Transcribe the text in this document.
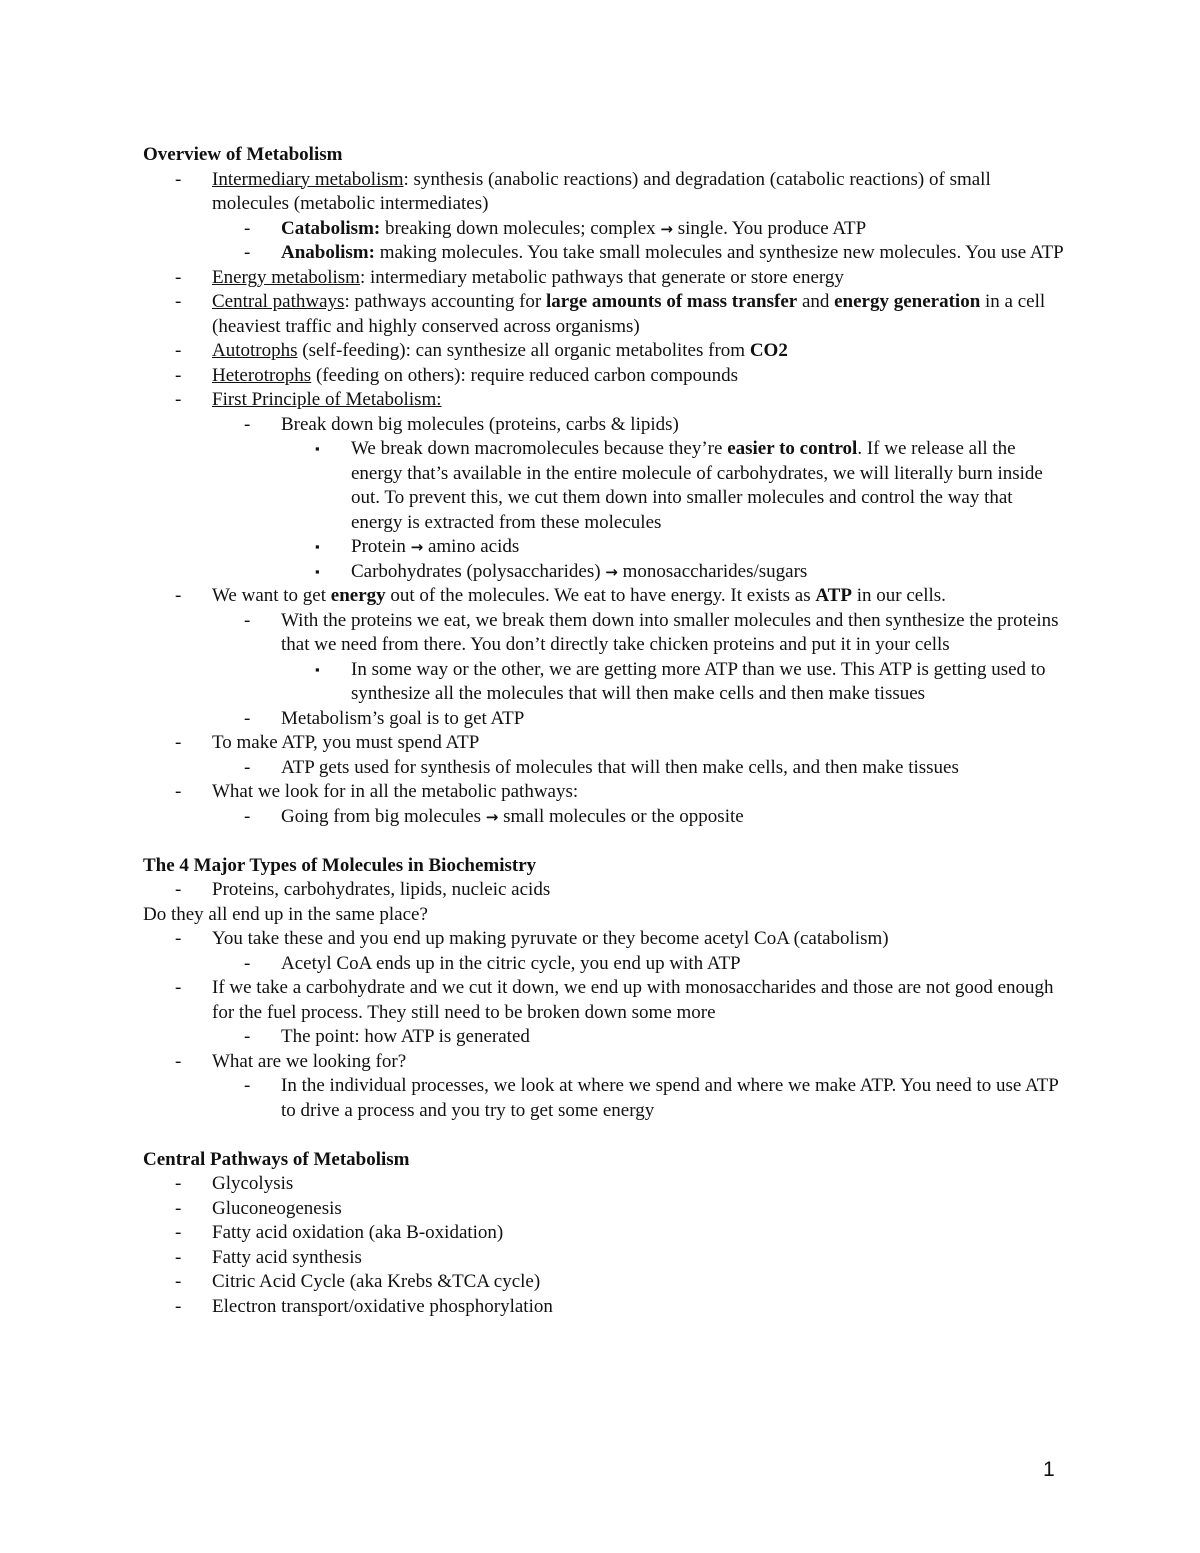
Overview of Metabolism

- Intermediary metabolism: synthesis (anabolic reactions) and degradation (catabolic reactions) of small molecules (metabolic intermediates)
- Catabolism: breaking down molecules; complex → single. You produce ATP
- Anabolism: making molecules. You take small molecules and synthesize new molecules. You use ATP
- Energy metabolism: intermediary metabolic pathways that generate or store energy
- Central pathways: pathways accounting for large amounts of mass transfer and energy generation in a cell (heaviest traffic and highly conserved across organisms)
- Autotrophs (self-feeding): can synthesize all organic metabolites from CO2
- Heterotrophs (feeding on others): require reduced carbon compounds
- First Principle of Metabolism:
- Break down big molecules (proteins, carbs & lipids)
▪ We break down macromolecules because they’re easier to control. If we release all the energy that’s available in the entire molecule of carbohydrates, we will literally burn inside out. To prevent this, we cut them down into smaller molecules and control the way that energy is extracted from these molecules
▪ Protein → amino acids
▪ Carbohydrates (polysaccharides) → monosaccharides/sugars
- We want to get energy out of the molecules. We eat to have energy. It exists as ATP in our cells.
- With the proteins we eat, we break them down into smaller molecules and then synthesize the proteins that we need from there. You don’t directly take chicken proteins and put it in your cells
▪ In some way or the other, we are getting more ATP than we use. This ATP is getting used to synthesize all the molecules that will then make cells and then make tissues
- Metabolism’s goal is to get ATP
- To make ATP, you must spend ATP
- ATP gets used for synthesis of molecules that will then make cells, and then make tissues
- What we look for in all the metabolic pathways:
- Going from big molecules → small molecules or the opposite

The 4 Major Types of Molecules in Biochemistry

- Proteins, carbohydrates, lipids, nucleic acids

Do they all end up in the same place?

- You take these and you end up making pyruvate or they become acetyl CoA (catabolism)
- Acetyl CoA ends up in the citric cycle, you end up with ATP
- If we take a carbohydrate and we cut it down, we end up with monosaccharides and those are not good enough for the fuel process. They still need to be broken down some more
- The point: how ATP is generated
- What are we looking for?
- In the individual processes, we look at where we spend and where we make ATP. You need to use ATP to drive a process and you try to get some energy

Central Pathways of Metabolism

- Glycolysis
- Gluconeogenesis
- Fatty acid oxidation (aka B-oxidation)
- Fatty acid synthesis
- Citric Acid Cycle (aka Krebs &TCA cycle)
- Electron transport/oxidative phosphorylation
1
